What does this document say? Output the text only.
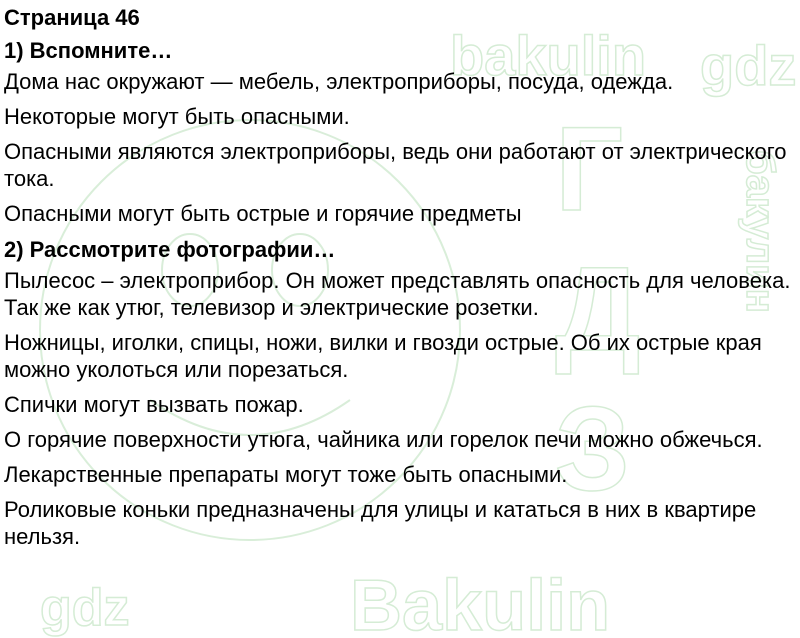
bakulin gdz
Bakulin
gdz
Г
Д
З
бакулин
Страница 46
1) Вспомните…

Дома нас окружают — мебель, электроприборы, посуда, одежда.

Некоторые могут быть опасными.

Опасными являются электроприборы, ведь они работают от электрического тока.

Опасными могут быть острые и горячие предметы

2) Рассмотрите фотографии…

Пылесос – электроприбор. Он может представлять опасность для человека. Так же как утюг, телевизор и электрические розетки.

Ножницы, иголки, спицы, ножи, вилки и гвозди острые. Об их острые края можно уколоться или порезаться.

Спички могут вызвать пожар.

О горячие поверхности утюга, чайника или горелок печи можно обжечься.

Лекарственные препараты могут тоже быть опасными.

Роликовые коньки предназначены для улицы и кататься в них в квартире нельзя.
